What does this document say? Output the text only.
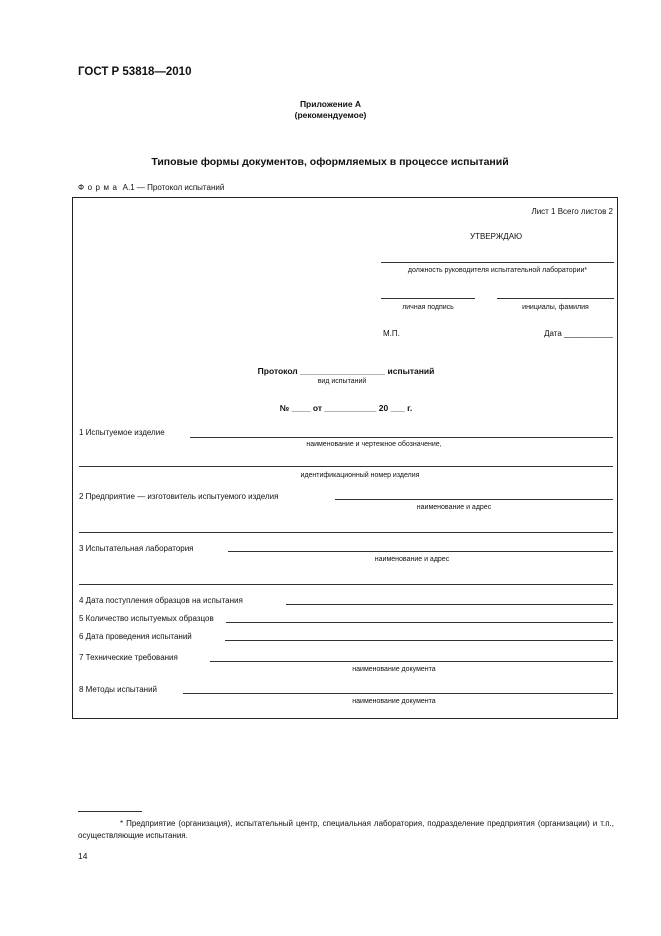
ГОСТ Р 53818—2010
Приложение А
(рекомендуемое)
Типовые формы документов, оформляемых в процессе испытаний
Форма А.1 — Протокол испытаний
Лист 1 Всего листов 2
УТВЕРЖДАЮ
должность руководителя испытательной лаборатории*
личная подпись	инициалы, фамилия
М.П.	Дата ___________
Протокол __________________ испытаний
вид испытаний
№ ____ от ___________ 20 ___ г.
1 Испытуемое изделие
наименование и чертежное обозначение,
идентификационный номер изделия
2 Предприятие — изготовитель испытуемого изделия
наименование и адрес
3 Испытательная лаборатория
наименование и адрес
4 Дата поступления образцов на испытания
5 Количество испытуемых образцов
6 Дата проведения испытаний
7 Технические требования
наименование документа
8 Методы испытаний
наименование документа
* Предприятие (организация), испытательный центр, специальная лаборатория, подразделение предприятия (организации) и т.п., осуществляющие испытания.
14
